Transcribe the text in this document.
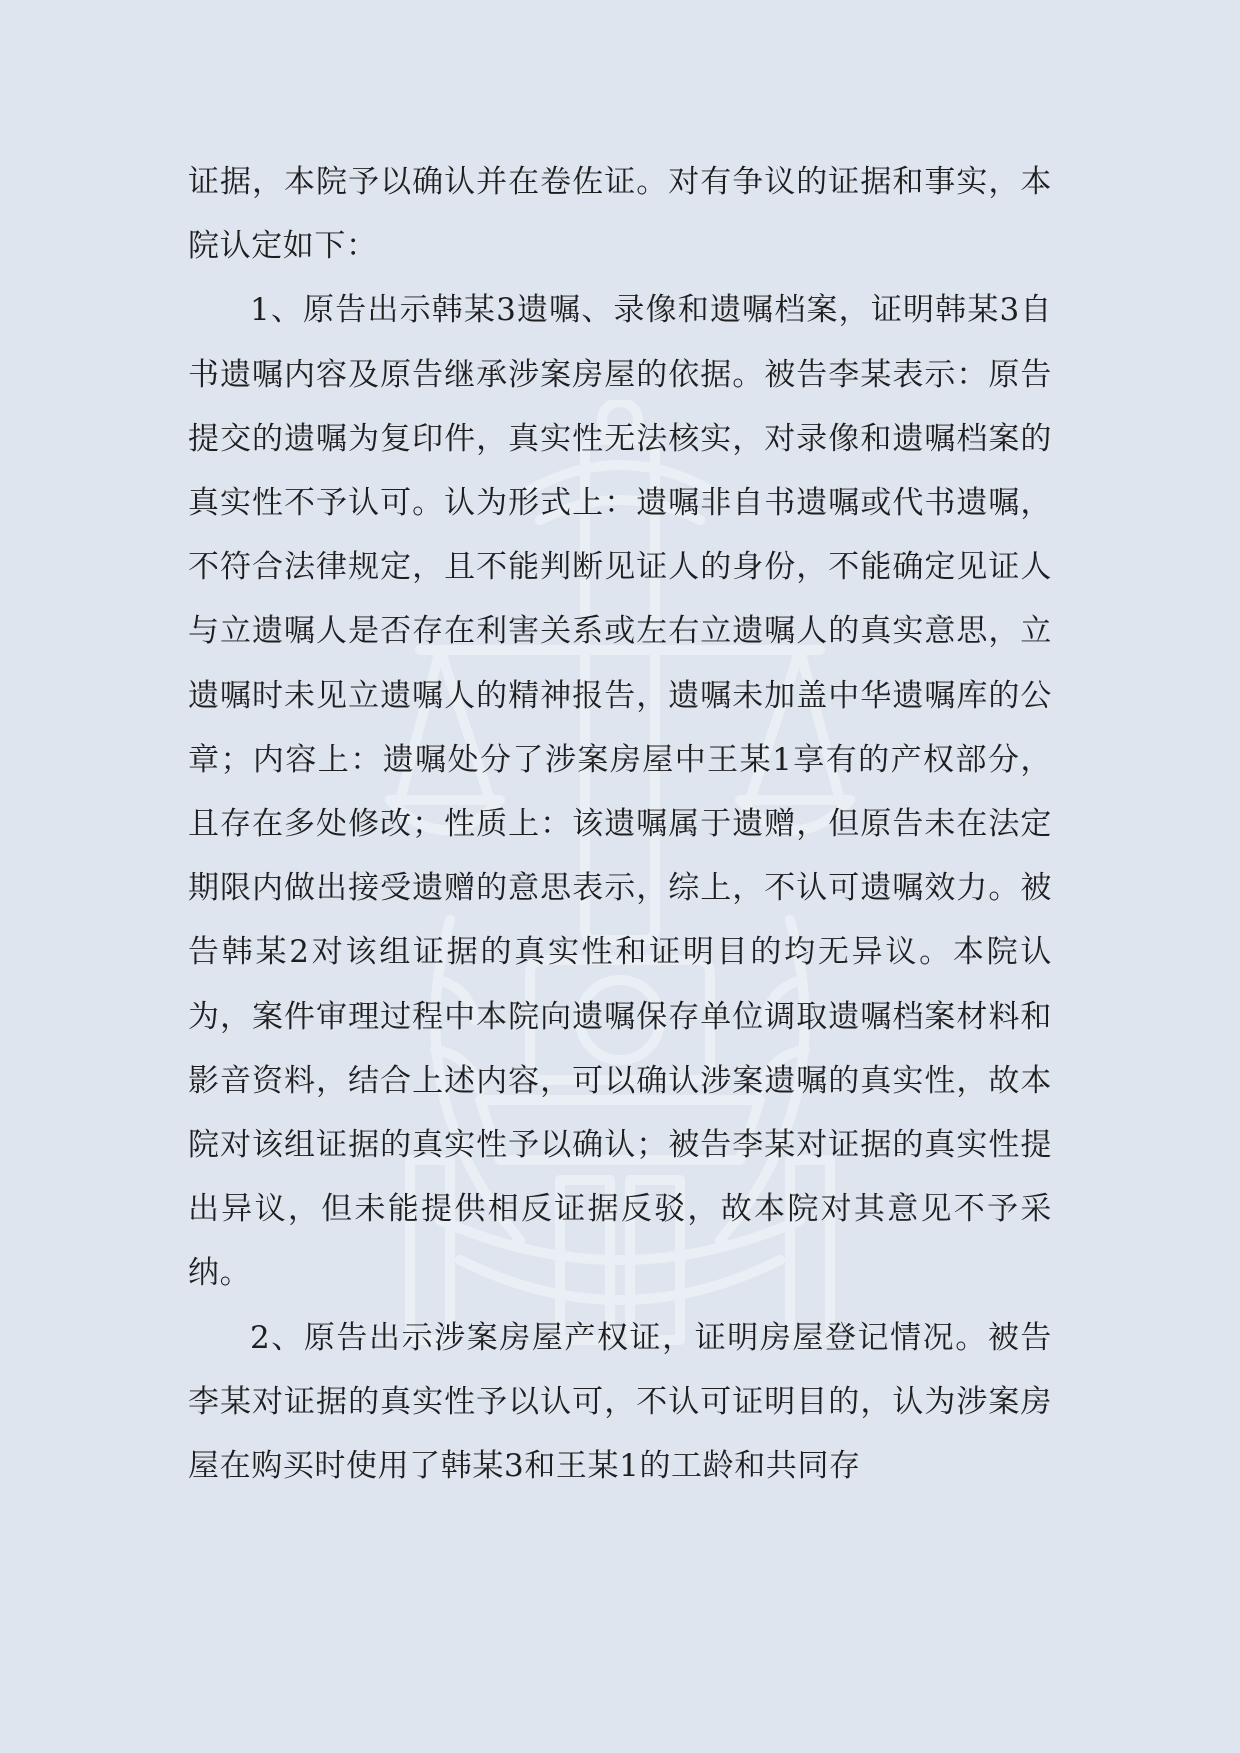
证据，本院予以确认并在卷佐证。对有争议的证据和事实，本院认定如下：

1、原告出示韩某3遗嘱、录像和遗嘱档案，证明韩某3自书遗嘱内容及原告继承涉案房屋的依据。被告李某表示：原告提交的遗嘱为复印件，真实性无法核实，对录像和遗嘱档案的真实性不予认可。认为形式上：遗嘱非自书遗嘱或代书遗嘱，不符合法律规定，且不能判断见证人的身份，不能确定见证人与立遗嘱人是否存在利害关系或左右立遗嘱人的真实意思，立遗嘱时未见立遗嘱人的精神报告，遗嘱未加盖中华遗嘱库的公章；内容上：遗嘱处分了涉案房屋中王某1享有的产权部分，且存在多处修改；性质上：该遗嘱属于遗赠，但原告未在法定期限内做出接受遗赠的意思表示，综上，不认可遗嘱效力。被告韩某2对该组证据的真实性和证明目的均无异议。本院认为，案件审理过程中本院向遗嘱保存单位调取遗嘱档案材料和影音资料，结合上述内容，可以确认涉案遗嘱的真实性，故本院对该组证据的真实性予以确认；被告李某对证据的真实性提出异议，但未能提供相反证据反驳，故本院对其意见不予采纳。

2、原告出示涉案房屋产权证，证明房屋登记情况。被告李某对证据的真实性予以认可，不认可证明目的，认为涉案房屋在购买时使用了韩某3和王某1的工龄和共同存
